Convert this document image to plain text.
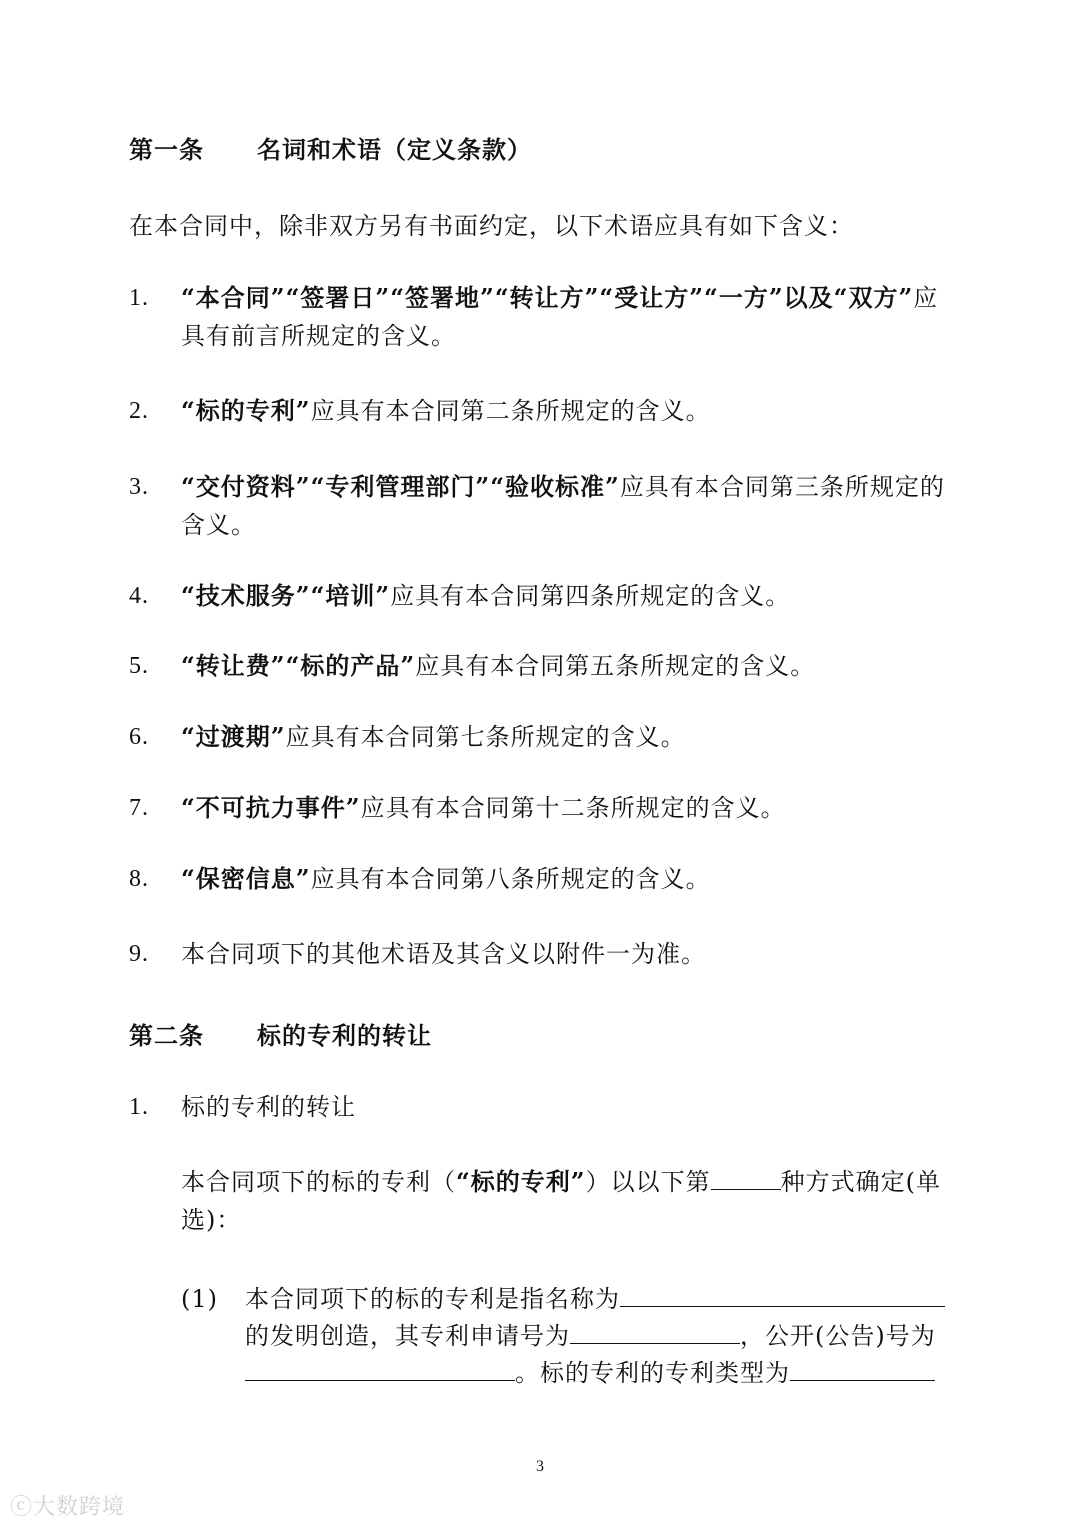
第一条 名词和术语（定义条款）
在本合同中，除非双方另有书面约定，以下术语应具有如下含义：
1. “本合同”“签署日”“签署地”“转让方”“受让方”“一方”以及“双方”应具有前言所规定的含义。
2. “标的专利”应具有本合同第二条所规定的含义。
3. “交付资料”“专利管理部门”“验收标准”应具有本合同第三条所规定的含义。
4. “技术服务”“培训”应具有本合同第四条所规定的含义。
5. “转让费”“标的产品”应具有本合同第五条所规定的含义。
6. “过渡期”应具有本合同第七条所规定的含义。
7. “不可抗力事件”应具有本合同第十二条所规定的含义。
8. “保密信息”应具有本合同第八条所规定的含义。
9. 本合同项下的其他术语及其含义以附件一为准。
第二条 标的专利的转让
1. 标的专利的转让
本合同项下的标的专利（“标的专利”）以以下第	种方式确定(单选)：
(1) 本合同项下的标的专利是指名称为
的发明创造，其专利申请号为	，公开(公告)号为
。标的专利的专利类型为
3
ⓒ大数跨境
